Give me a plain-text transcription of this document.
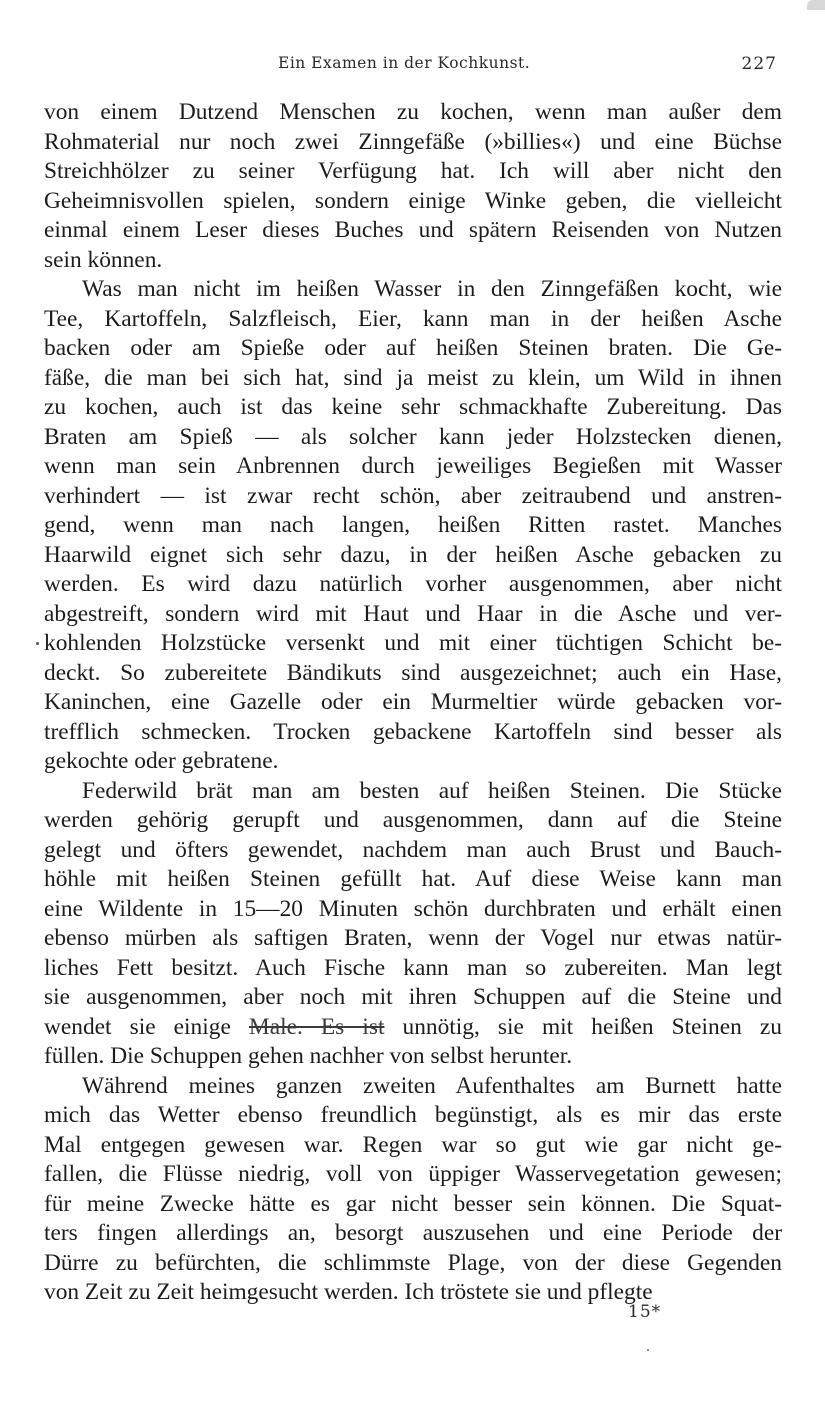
Ein Examen in der Kochkunst.	227
von einem Dutzend Menschen zu kochen, wenn man außer dem
Rohmaterial nur noch zwei Zinngefäße (»billies«) und eine Büchse
Streichhölzer zu seiner Verfügung hat. Ich will aber nicht den
Geheimnisvollen spielen, sondern einige Winke geben, die vielleicht
einmal einem Leser dieses Buches und spätern Reisenden von Nutzen
sein können.
Was man nicht im heißen Wasser in den Zinngefäßen kocht, wie
Tee, Kartoffeln, Salzfleisch, Eier, kann man in der heißen Asche
backen oder am Spieße oder auf heißen Steinen braten. Die Ge-
fäße, die man bei sich hat, sind ja meist zu klein, um Wild in ihnen
zu kochen, auch ist das keine sehr schmackhafte Zubereitung. Das
Braten am Spieß — als solcher kann jeder Holzstecken dienen,
wenn man sein Anbrennen durch jeweiliges Begießen mit Wasser
verhindert — ist zwar recht schön, aber zeitraubend und anstren-
gend, wenn man nach langen, heißen Ritten rastet. Manches
Haarwild eignet sich sehr dazu, in der heißen Asche gebacken zu
werden. Es wird dazu natürlich vorher ausgenommen, aber nicht
abgestreift, sondern wird mit Haut und Haar in die Asche und ver-
kohlenden Holzstücke versenkt und mit einer tüchtigen Schicht be-
deckt. So zubereitete Bändikuts sind ausgezeichnet; auch ein Hase,
Kaninchen, eine Gazelle oder ein Murmeltier würde gebacken vor-
trefflich schmecken. Trocken gebackene Kartoffeln sind besser als
gekochte oder gebratene.
Federwild brät man am besten auf heißen Steinen. Die Stücke
werden gehörig gerupft und ausgenommen, dann auf die Steine
gelegt und öfters gewendet, nachdem man auch Brust und Bauch-
höhle mit heißen Steinen gefüllt hat. Auf diese Weise kann man
eine Wildente in 15—20 Minuten schön durchbraten und erhält einen
ebenso mürben als saftigen Braten, wenn der Vogel nur etwas natür-
liches Fett besitzt. Auch Fische kann man so zubereiten. Man legt
sie ausgenommen, aber noch mit ihren Schuppen auf die Steine und
wendet sie einige Male. Es ist unnötig, sie mit heißen Steinen zu
füllen. Die Schuppen gehen nachher von selbst herunter.
Während meines ganzen zweiten Aufenthaltes am Burnett hatte
mich das Wetter ebenso freundlich begünstigt, als es mir das erste
Mal entgegen gewesen war. Regen war so gut wie gar nicht ge-
fallen, die Flüsse niedrig, voll von üppiger Wasservegetation gewesen;
für meine Zwecke hätte es gar nicht besser sein können. Die Squat-
ters fingen allerdings an, besorgt auszusehen und eine Periode der
Dürre zu befürchten, die schlimmste Plage, von der diese Gegenden
von Zeit zu Zeit heimgesucht werden. Ich tröstete sie und pflegte
15*
